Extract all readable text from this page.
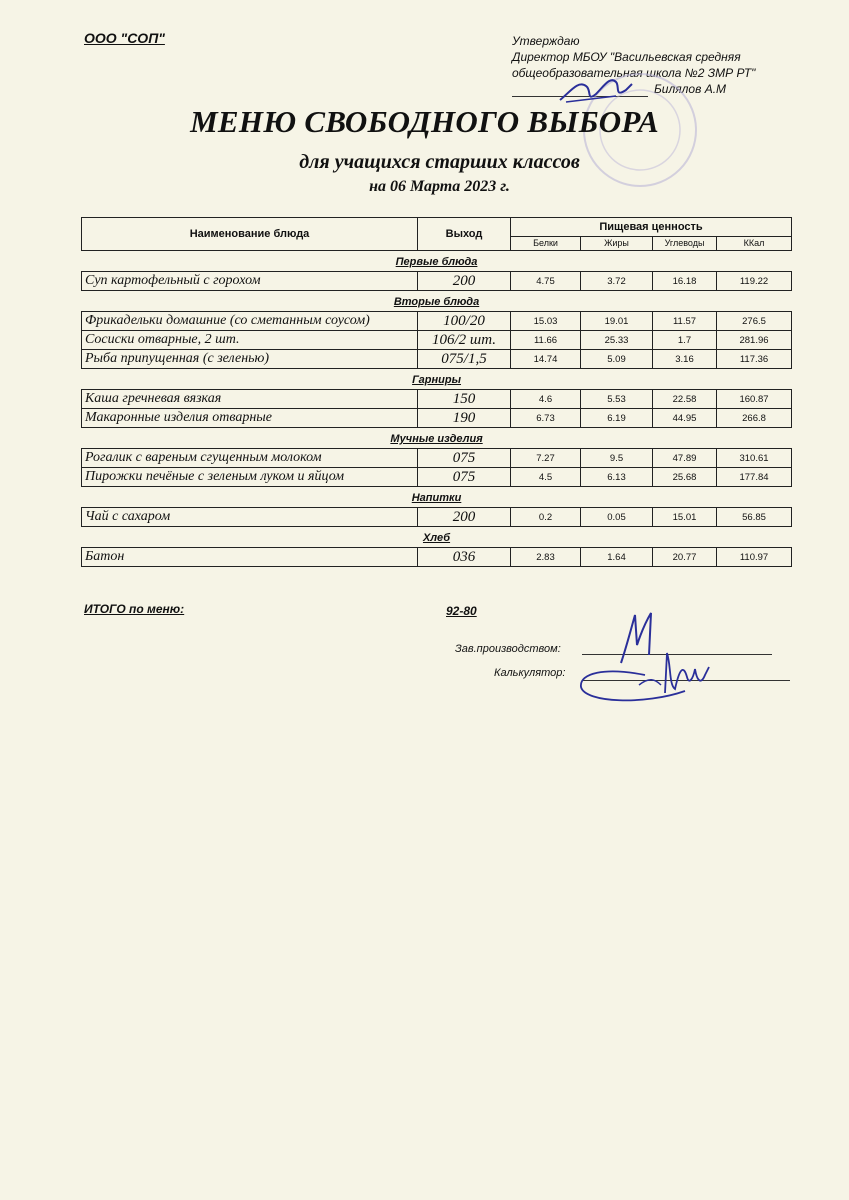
ООО "СОП"	Утверждаю
Директор МБОУ "Васильевская средняя
общеобразовательная школа №2 ЗМР РТ"
Билялов А.М
МЕНЮ СВОБОДНОГО ВЫБОРА
для учащихся старших классов
на 06 Марта 2023 г.
Наименование блюда	Выход	Пищевая ценность			
		Белки	Жиры	Углеводы	ККал
Первые блюда					
Суп картофельный с горохом	200	4.75	3.72	16.18	119.22
Вторые блюда					
Фрикадельки домашние (со сметанным соусом)	100/20	15.03	19.01	11.57	276.5
Сосиски отварные, 2 шт.	106/2 шт.	11.66	25.33	1.7	281.96
Рыба припущенная (с зеленью)	075/1,5	14.74	5.09	3.16	117.36
Гарниры					
Каша гречневая вязкая	150	4.6	5.53	22.58	160.87
Макаронные изделия отварные	190	6.73	6.19	44.95	266.8
Мучные изделия					
Рогалик с вареным сгущенным молоком	075	7.27	9.5	47.89	310.61
Пирожки печёные с зеленым луком и яйцом	075	4.5	6.13	25.68	177.84
Напитки					
Чай с сахаром	200	0.2	0.05	15.01	56.85
Хлеб					
Батон	036	2.83	1.64	20.77	110.97
ИТОГО по меню:	92-80
Зав.производством:
Калькулятор:
